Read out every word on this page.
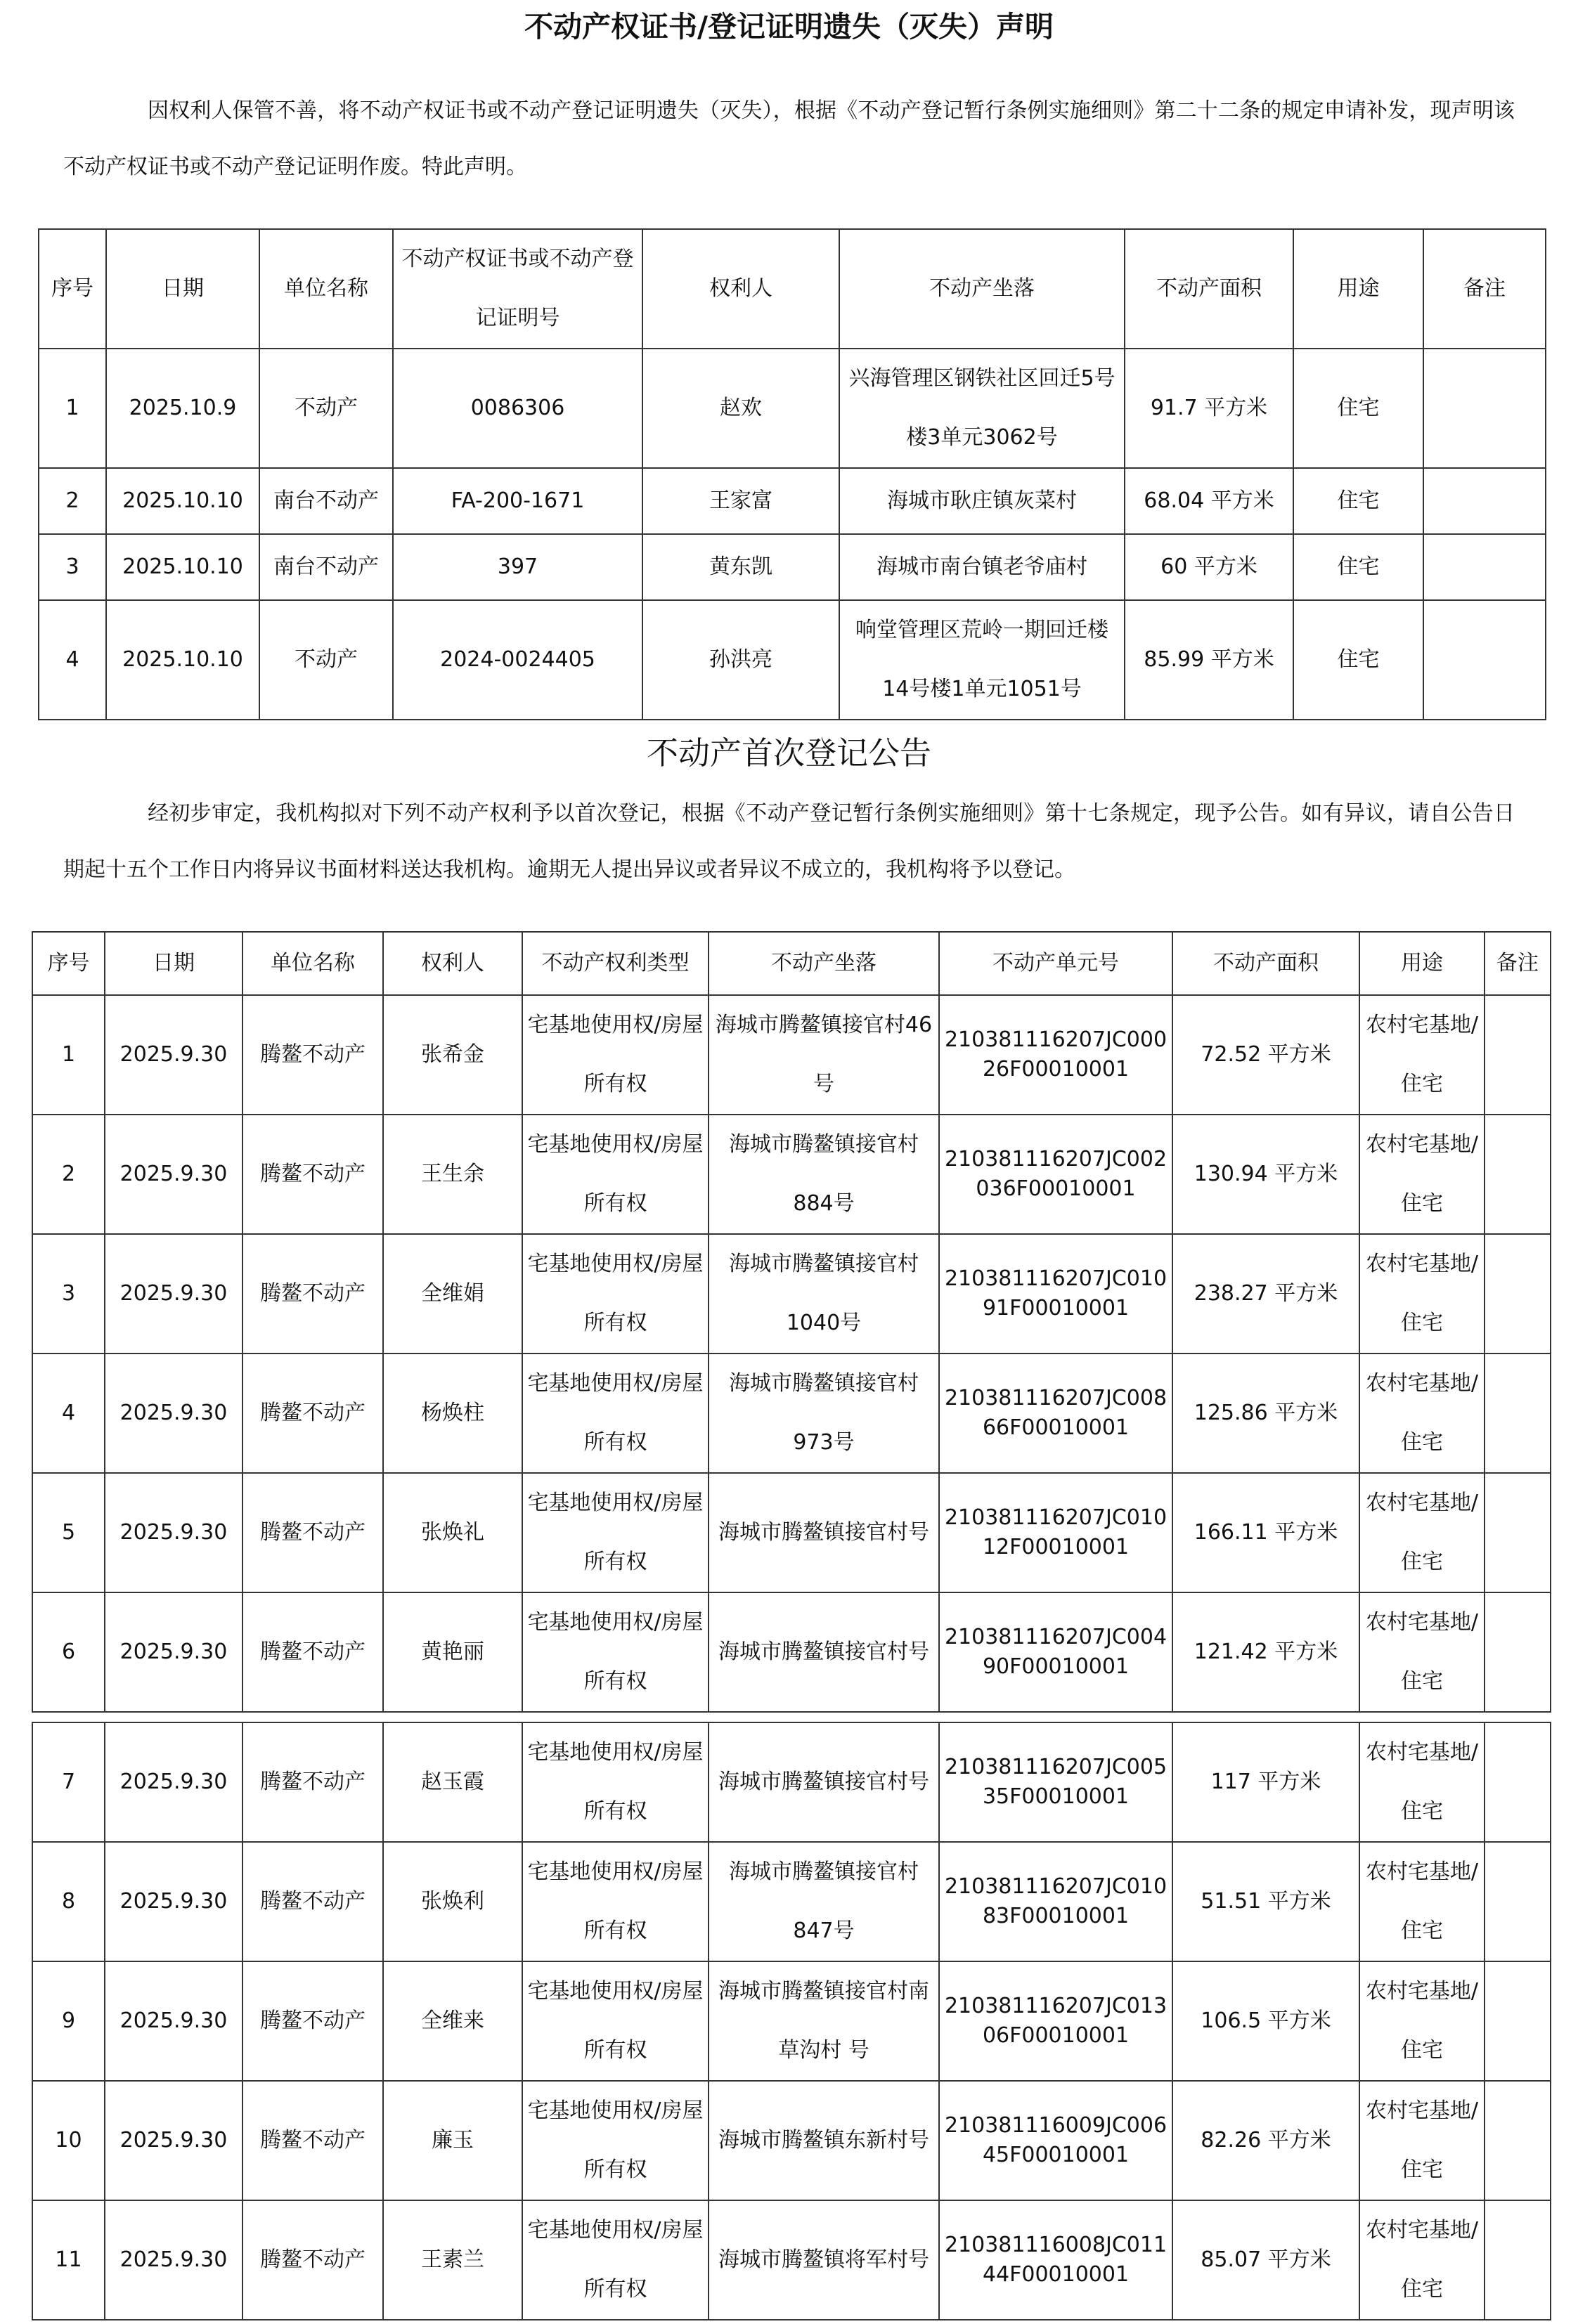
不动产权证书/登记证明遗失（灭失）声明
因权利人保管不善，将不动产权证书或不动产登记证明遗失（灭失），根据《不动产登记暂行条例实施细则》第二十二条的规定申请补发，现声明该不动产权证书或不动产登记证明作废。特此声明。
序号	日期	单位名称	不动产权证书或不动产登记证明号	权利人	不动产坐落	不动产面积	用途	备注
1	2025.10.9	不动产	0086306	赵欢	兴海管理区钢铁社区回迁5号楼3单元3062号	91.7 平方米	住宅	
2	2025.10.10	南台不动产	FA-200-1671	王家富	海城市耿庄镇灰菜村	68.04 平方米	住宅	
3	2025.10.10	南台不动产	397	黄东凯	海城市南台镇老爷庙村	60 平方米	住宅	
4	2025.10.10	不动产	2024-0024405	孙洪亮	响堂管理区荒岭一期回迁楼14号楼1单元1051号	85.99 平方米	住宅	
不动产首次登记公告
经初步审定，我机构拟对下列不动产权利予以首次登记，根据《不动产登记暂行条例实施细则》第十七条规定，现予公告。如有异议，请自公告日期起十五个工作日内将异议书面材料送达我机构。逾期无人提出异议或者异议不成立的，我机构将予以登记。
序号	日期	单位名称	权利人	不动产权利类型	不动产坐落	不动产单元号	不动产面积	用途	备注
1	2025.9.30	腾鳌不动产	张希金	宅基地使用权/房屋所有权	海城市腾鳌镇接官村46号	210381116207JC00026F00010001	72.52 平方米	农村宅基地/住宅	
2	2025.9.30	腾鳌不动产	王生余	宅基地使用权/房屋所有权	海城市腾鳌镇接官村884号	210381116207JC002036F00010001	130.94 平方米	农村宅基地/住宅	
3	2025.9.30	腾鳌不动产	全维娟	宅基地使用权/房屋所有权	海城市腾鳌镇接官村1040号	210381116207JC01091F00010001	238.27 平方米	农村宅基地/住宅	
4	2025.9.30	腾鳌不动产	杨焕柱	宅基地使用权/房屋所有权	海城市腾鳌镇接官村973号	210381116207JC00866F00010001	125.86 平方米	农村宅基地/住宅	
5	2025.9.30	腾鳌不动产	张焕礼	宅基地使用权/房屋所有权	海城市腾鳌镇接官村号	210381116207JC01012F00010001	166.11 平方米	农村宅基地/住宅	
6	2025.9.30	腾鳌不动产	黄艳丽	宅基地使用权/房屋所有权	海城市腾鳌镇接官村号	210381116207JC00490F00010001	121.42 平方米	农村宅基地/住宅	
7	2025.9.30	腾鳌不动产	赵玉霞	宅基地使用权/房屋所有权	海城市腾鳌镇接官村号	210381116207JC00535F00010001	117 平方米	农村宅基地/住宅	
8	2025.9.30	腾鳌不动产	张焕利	宅基地使用权/房屋所有权	海城市腾鳌镇接官村847号	210381116207JC01083F00010001	51.51 平方米	农村宅基地/住宅	
9	2025.9.30	腾鳌不动产	全维来	宅基地使用权/房屋所有权	海城市腾鳌镇接官村南草沟村 号	210381116207JC01306F00010001	106.5 平方米	农村宅基地/住宅	
10	2025.9.30	腾鳌不动产	廉玉	宅基地使用权/房屋所有权	海城市腾鳌镇东新村号	210381116009JC00645F00010001	82.26 平方米	农村宅基地/住宅	
11	2025.9.30	腾鳌不动产	王素兰	宅基地使用权/房屋所有权	海城市腾鳌镇将军村号	210381116008JC01144F00010001	85.07 平方米	农村宅基地/住宅	
